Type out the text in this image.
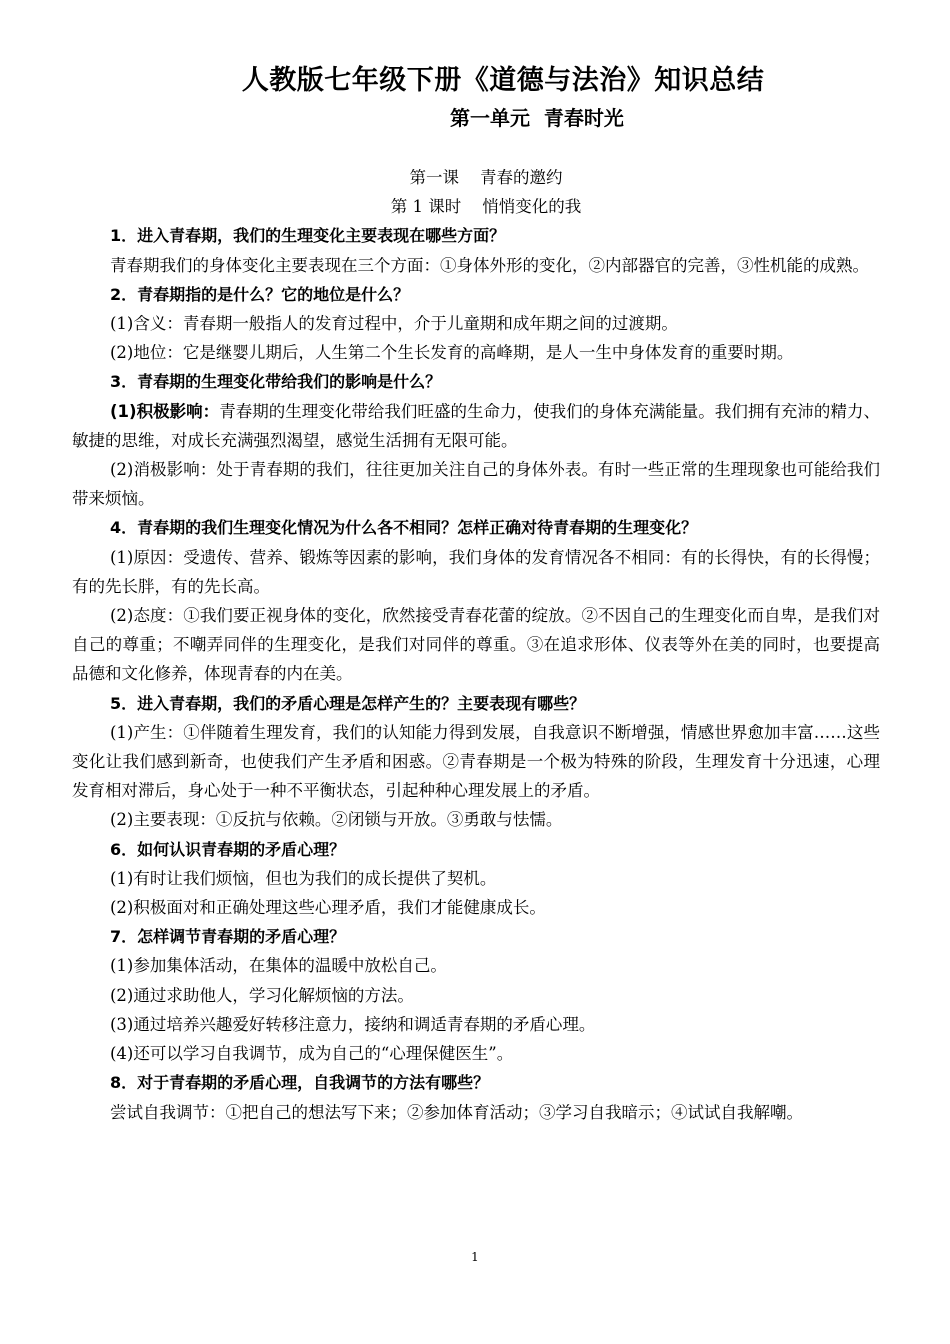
人教版七年级下册《道德与法治》知识总结
第一单元  青春时光
第一课    青春的邀约
第 1 课时    悄悄变化的我

1．进入青春期，我们的生理变化主要表现在哪些方面？

青春期我们的身体变化主要表现在三个方面：①身体外形的变化，②内部器官的完善，③性机能的成熟。

2．青春期指的是什么？它的地位是什么？

(1)含义：青春期一般指人的发育过程中，介于儿童期和成年期之间的过渡期。

(2)地位：它是继婴儿期后，人生第二个生长发育的高峰期，是人一生中身体发育的重要时期。

3．青春期的生理变化带给我们的影响是什么？

(1)积极影响：青春期的生理变化带给我们旺盛的生命力，使我们的身体充满能量。我们拥有充沛的精力、敏捷的思维，对成长充满强烈渴望，感觉生活拥有无限可能。

(2)消极影响：处于青春期的我们，往往更加关注自己的身体外表。有时一些正常的生理现象也可能给我们带来烦恼。

4．青春期的我们生理变化情况为什么各不相同？怎样正确对待青春期的生理变化？

(1)原因：受遗传、营养、锻炼等因素的影响，我们身体的发育情况各不相同：有的长得快，有的长得慢；有的先长胖，有的先长高。

(2)态度：①我们要正视身体的变化，欣然接受青春花蕾的绽放。②不因自己的生理变化而自卑，是我们对自己的尊重；不嘲弄同伴的生理变化，是我们对同伴的尊重。③在追求形体、仪表等外在美的同时，也要提高品德和文化修养，体现青春的内在美。

5．进入青春期，我们的矛盾心理是怎样产生的？主要表现有哪些？

(1)产生：①伴随着生理发育，我们的认知能力得到发展，自我意识不断增强，情感世界愈加丰富……这些变化让我们感到新奇，也使我们产生矛盾和困惑。②青春期是一个极为特殊的阶段，生理发育十分迅速，心理发育相对滞后，身心处于一种不平衡状态，引起种种心理发展上的矛盾。

(2)主要表现：①反抗与依赖。②闭锁与开放。③勇敢与怯懦。

6．如何认识青春期的矛盾心理？

(1)有时让我们烦恼，但也为我们的成长提供了契机。

(2)积极面对和正确处理这些心理矛盾，我们才能健康成长。

7．怎样调节青春期的矛盾心理？

(1)参加集体活动，在集体的温暖中放松自己。

(2)通过求助他人，学习化解烦恼的方法。

(3)通过培养兴趣爱好转移注意力，接纳和调适青春期的矛盾心理。

(4)还可以学习自我调节，成为自己的“心理保健医生”。

8．对于青春期的矛盾心理，自我调节的方法有哪些？

尝试自我调节：①把自己的想法写下来；②参加体育活动；③学习自我暗示；④试试自我解嘲。

1
